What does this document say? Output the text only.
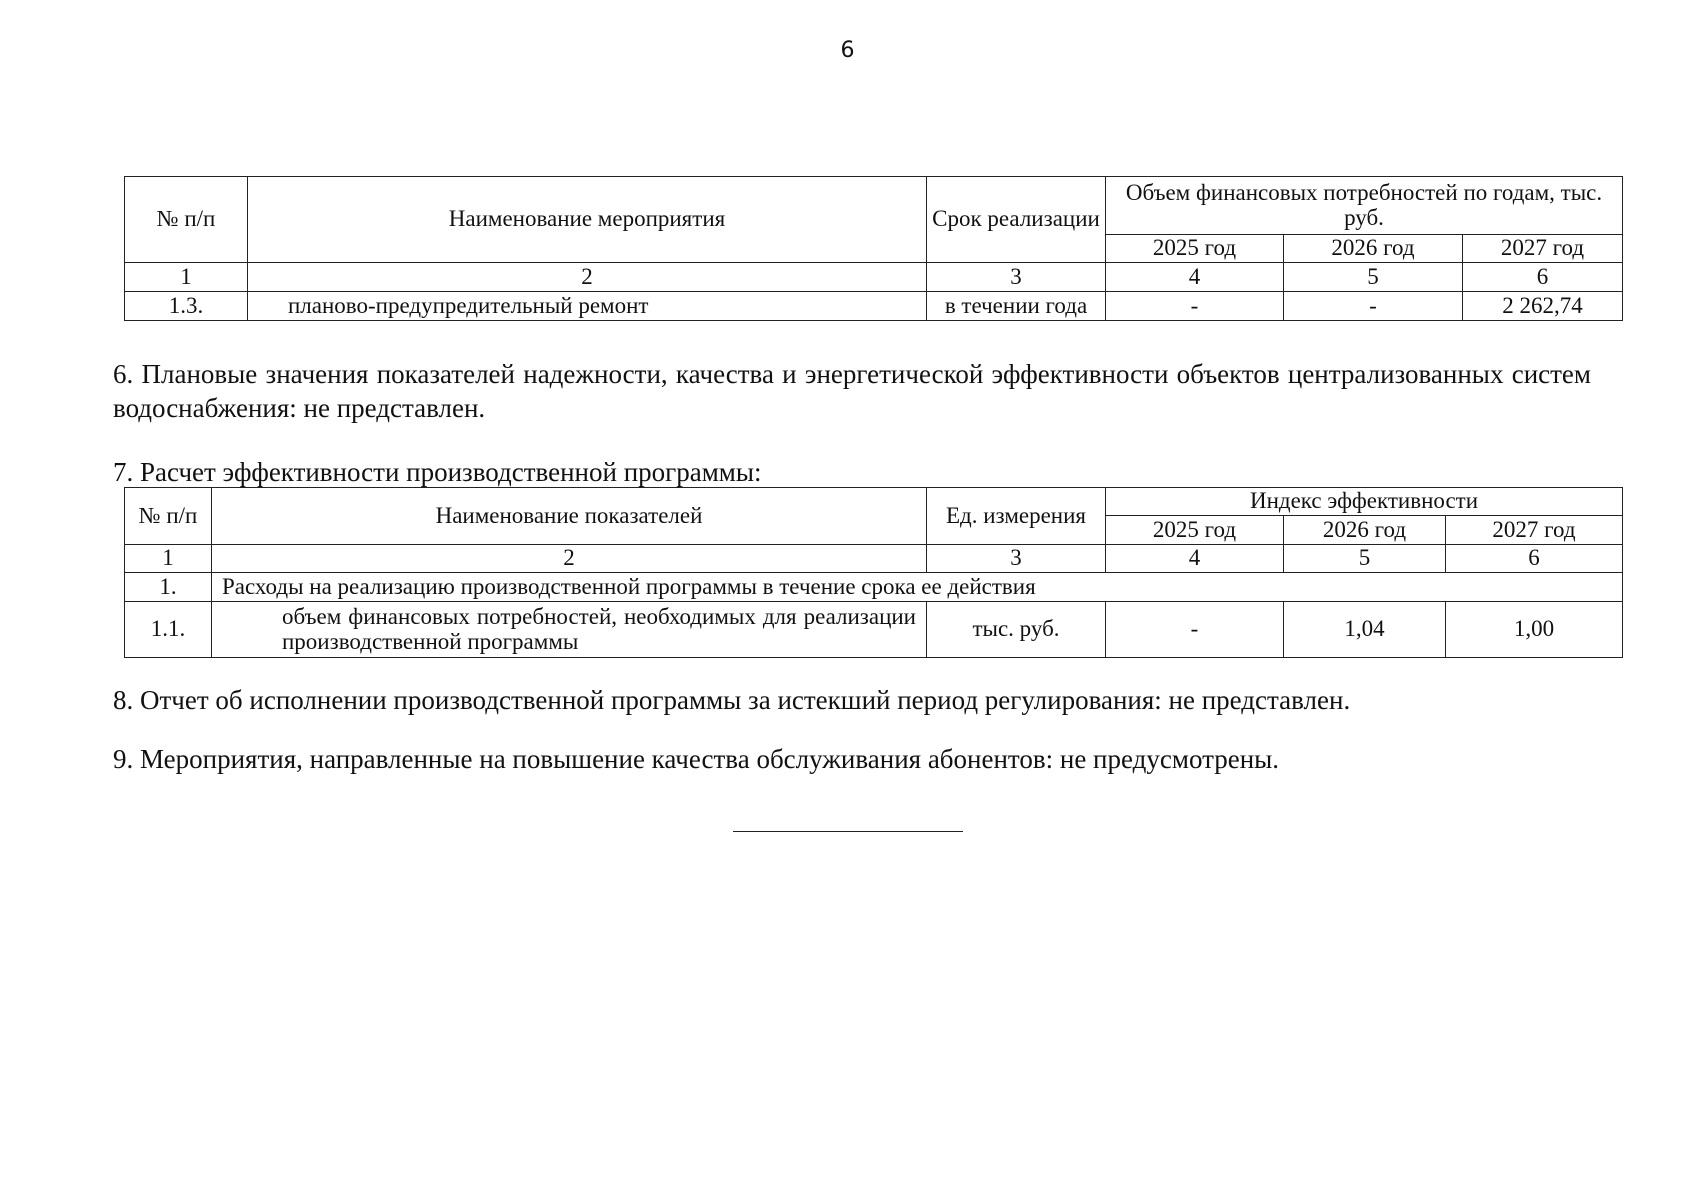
6
№ п/п	Наименование мероприятия	Срок реализации	Объем финансовых потребностей по годам, тыс. руб.		
			2025 год	2026 год	2027 год
1	2	3	4	5	6
1.3.	планово-предупредительный ремонт	в течении года	-	-	2 262,74

6. Плановые значения показателей надежности, качества и энергетической эффективности объектов централизованных систем водоснабжения: не представлен.

7. Расчет эффективности производственной программы:

№ п/п	Наименование показателей	Ед. измерения	Индекс эффективности		
			2025 год	2026 год	2027 год
1	2	3	4	5	6
1.	Расходы на реализацию производственной программы в течение срока ее действия				
1.1.	объем финансовых потребностей, необходимых для реализации производственной программы	тыс. руб.	-	1,04	1,00

8. Отчет об исполнении производственной программы за истекший период регулирования: не представлен.

9. Мероприятия, направленные на повышение качества обслуживания абонентов: не предусмотрены.
